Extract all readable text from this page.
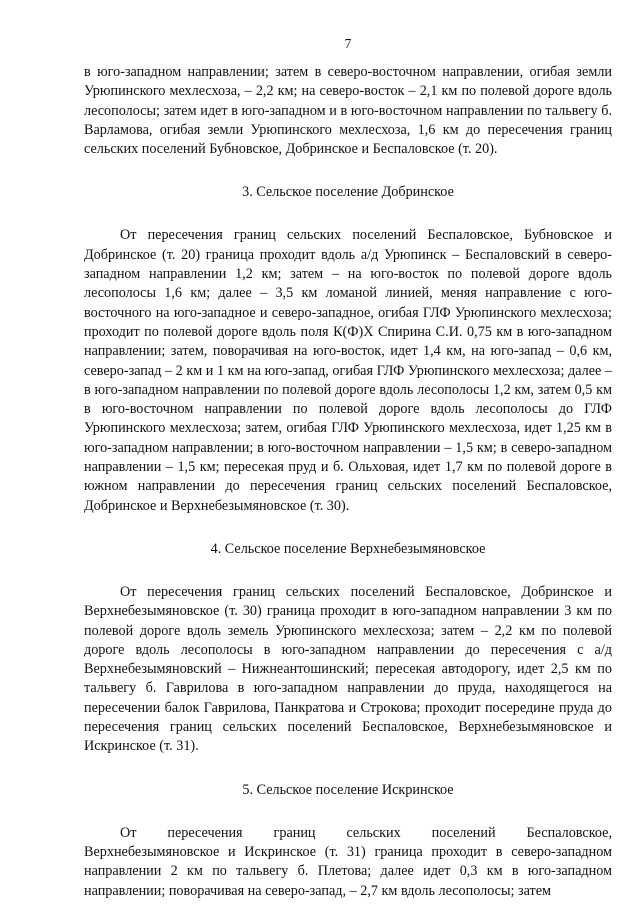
7

в юго-западном направлении; затем в северо-восточном направлении, огибая земли Урюпинского мехлесхоза, – 2,2 км; на северо-восток – 2,1 км по полевой дороге вдоль лесополосы; затем идет в юго-западном и в юго-восточном направлении по тальвегу б. Варламова, огибая земли Урюпинского мехлесхоза, 1,6 км до пересечения границ сельских поселений Бубновское, Добринское и Беспаловское (т. 20).

3. Сельское поселение Добринское

От пересечения границ сельских поселений Беспаловское, Бубновское и Добринское (т. 20) граница проходит вдоль а/д Урюпинск – Беспаловский в северо-западном направлении 1,2 км; затем – на юго-восток по полевой дороге вдоль лесополосы 1,6 км; далее – 3,5 км ломаной линией, меняя направление с юго-восточного на юго-западное и северо-западное, огибая ГЛФ Урюпинского мехлесхоза; проходит по полевой дороге вдоль поля К(Ф)Х Спирина С.И. 0,75 км в юго-западном направлении; затем, поворачивая на юго-восток, идет 1,4 км, на юго-запад – 0,6 км, северо-запад – 2 км и 1 км на юго-запад, огибая ГЛФ Урюпинского мехлесхоза; далее – в юго-западном направлении по полевой дороге вдоль лесополосы 1,2 км, затем 0,5 км в юго-восточном направлении по полевой дороге вдоль лесополосы до ГЛФ Урюпинского мехлесхоза; затем, огибая ГЛФ Урюпинского мехлесхоза, идет 1,25 км в юго-западном направлении; в юго-восточном направлении – 1,5 км; в северо-западном направлении – 1,5 км; пересекая пруд и б. Ольховая, идет 1,7 км по полевой дороге в южном направлении до пересечения границ сельских поселений Беспаловское, Добринское и Верхнебезымяновское (т. 30).

4. Сельское поселение Верхнебезымяновское

От пересечения границ сельских поселений Беспаловское, Добринское и Верхнебезымяновское (т. 30) граница проходит в юго-западном направлении 3 км по полевой дороге вдоль земель Урюпинского мехлесхоза; затем – 2,2 км по полевой дороге вдоль лесополосы в юго-западном направлении до пересечения с а/д Верхнебезымяновский – Нижнеантошинский; пересекая автодорогу, идет 2,5 км по тальвегу б. Гаврилова в юго-западном направлении до пруда, находящегося на пересечении балок Гаврилова, Панкратова и Строкова; проходит посередине пруда до пересечения границ сельских поселений Беспаловское, Верхнебезымяновское и Искринское (т. 31).

5. Сельское поселение Искринское

От пересечения границ сельских поселений Беспаловское, Верхнебезымяновское и Искринское (т. 31) граница проходит в северо-западном направлении 2 км по тальвегу б. Плетова; далее идет 0,3 км в юго-западном направлении; поворачивая на северо-запад, – 2,7 км вдоль лесополосы; затем
